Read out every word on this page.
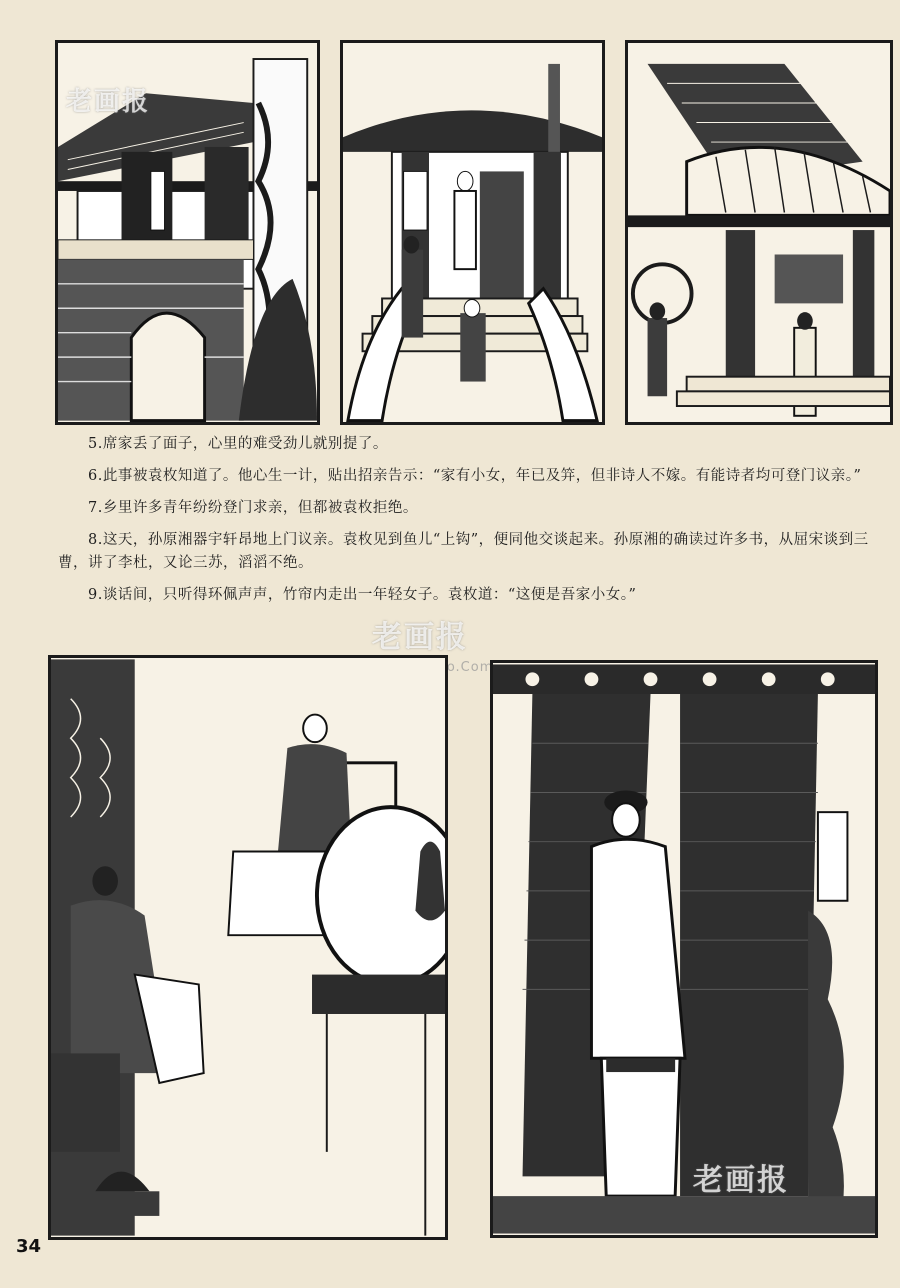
老画报

5.席家丢了面子，心里的难受劲儿就别提了。

6.此事被袁枚知道了。他心生一计，贴出招亲告示：“家有小女，年已及笄，但非诗人不嫁。有能诗者均可登门议亲。”

7.乡里许多青年纷纷登门求亲，但都被袁枚拒绝。

8.这天，孙原湘器宇轩昂地上门议亲。袁枚见到鱼儿“上钩”，便同他交谈起来。孙原湘的确读过许多书，从屈宋谈到三曹，讲了李杜，又论三苏，滔滔不绝。

9.谈话间，只听得环佩声声，竹帘内走出一年轻女子。袁枚道：“这便是吾家小女。”

老画报
老画报
34
